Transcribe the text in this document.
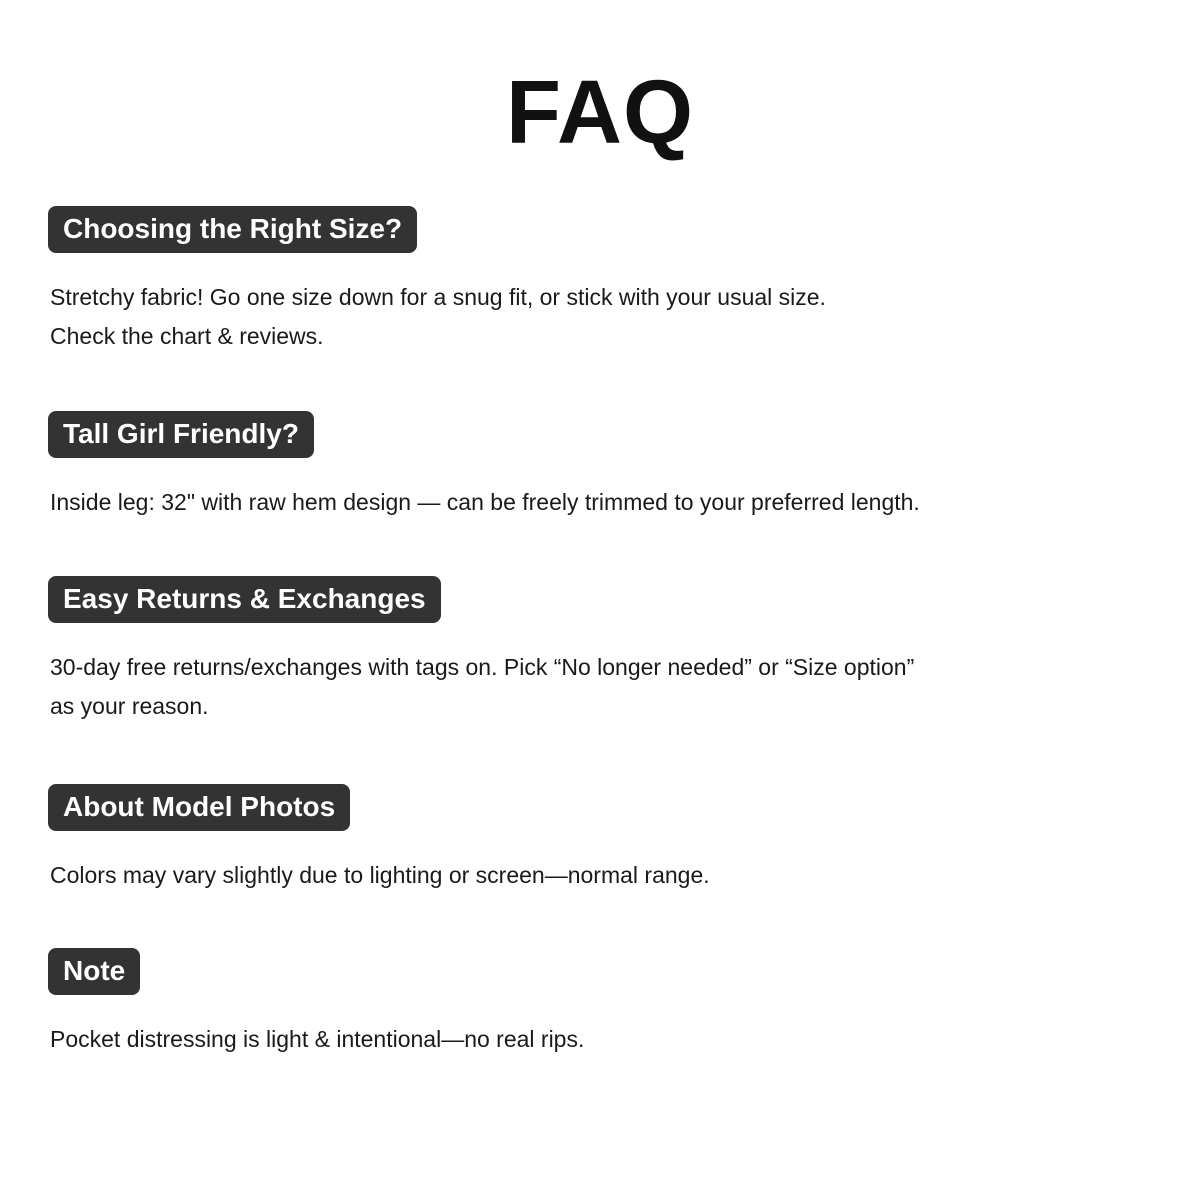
FAQ
Choosing the Right Size?

Stretchy fabric! Go one size down for a snug fit, or stick with your usual size.
Check the chart & reviews.

Tall Girl Friendly?

Inside leg: 32" with raw hem design — can be freely trimmed to your preferred length.

Easy Returns & Exchanges

30-day free returns/exchanges with tags on. Pick “No longer needed” or “Size option”
as your reason.

About Model Photos

Colors may vary slightly due to lighting or screen—normal range.

Note

Pocket distressing is light & intentional—no real rips.
